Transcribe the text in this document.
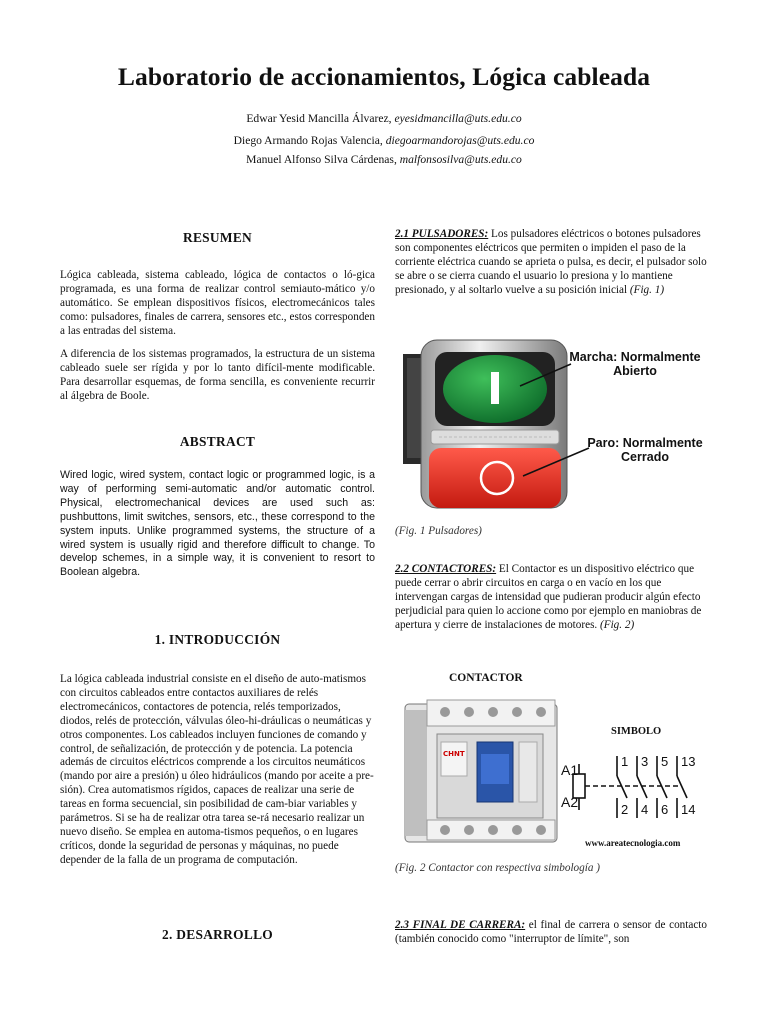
Laboratorio de accionamientos, Lógica cableada
Edwar Yesid Mancilla Álvarez, eyesidmancilla@uts.edu.co
Diego Armando Rojas Valencia, diegoarmandorojas@uts.edu.co
Manuel Alfonso Silva Cárdenas, malfonsosilva@uts.edu.co
RESUMEN

Lógica cableada, sistema cableado, lógica de contactos o ló-gica programada, es una forma de realizar control semiauto-mático y/o automático. Se emplean dispositivos físicos, electromecánicos tales como: pulsadores, finales de carrera, sensores etc., estos corresponden a las entradas del sistema.

A diferencia de los sistemas programados, la estructura de un sistema cableado suele ser rígida y por lo tanto difícil-mente modificable. Para desarrollar esquemas, de forma sencilla, es conveniente recurrir al álgebra de Boole.

ABSTRACT

Wired logic, wired system, contact logic or programmed logic, is a way of performing semi-automatic and/or automatic control. Physical, electromechanical devices are used such as: pushbuttons, limit switches, sensors, etc., these correspond to the system inputs. Unlike programmed systems, the structure of a wired system is usually rigid and therefore difficult to change. To develop schemes, in a simple way, it is convenient to resort to Boolean algebra.

1. INTRODUCCIÓN

La lógica cableada industrial consiste en el diseño de auto-matismos con circuitos cableados entre contactos auxiliares de relés electromecánicos, contactores de potencia, relés temporizados, diodos, relés de protección, válvulas óleo-hi-dráulicas o neumáticas y otros componentes. Los cableados incluyen funciones de comando y control, de señalización, de protección y de potencia. La potencia además de circuitos eléctricos comprende a los circuitos neumáticos (mando por aire a presión) u óleo hidráulicos (mando por aceite a pre-sión). Crea automatismos rígidos, capaces de realizar una serie de tareas en forma secuencial, sin posibilidad de cam-biar variables y parámetros. Si se ha de realizar otra tarea se-rá necesario realizar un nuevo diseño. Se emplea en automa-tismos pequeños, o en lugares críticos, donde la seguridad de personas y máquinas, no puede depender de la falla de un programa de computación.

2. DESARROLLO

2.1 PULSADORES: Los pulsadores eléctricos o botones pulsadores son componentes eléctricos que permiten o impiden el paso de la corriente eléctrica cuando se aprieta o pulsa, es decir, el pulsador solo se abre o se cierra cuando el usuario lo presiona y lo mantiene presionado, y al soltarlo vuelve a su posición inicial (Fig. 1)

Marcha: Normalmente Abierto
Paro: Normalmente Cerrado
(Fig. 1 Pulsadores)

2.2 CONTACTORES: El Contactor es un dispositivo eléctrico que puede cerrar o abrir circuitos en carga o en vacío en los que intervengan cargas de intensidad que pudieran producir algún efecto perjudicial para quien lo accione como por ejemplo en maniobras de apertura y cierre de instalaciones de motores. (Fig. 2)

CONTACTOR
SIMBOLO
CHNT
A1
A2
1 3 5 13
2 4 6 14
www.areatecnologia.com
(Fig. 2 Contactor con respectiva simbología )

2.3 FINAL DE CARRERA: el final de carrera o sensor de contacto (también conocido como "interruptor de límite", son
